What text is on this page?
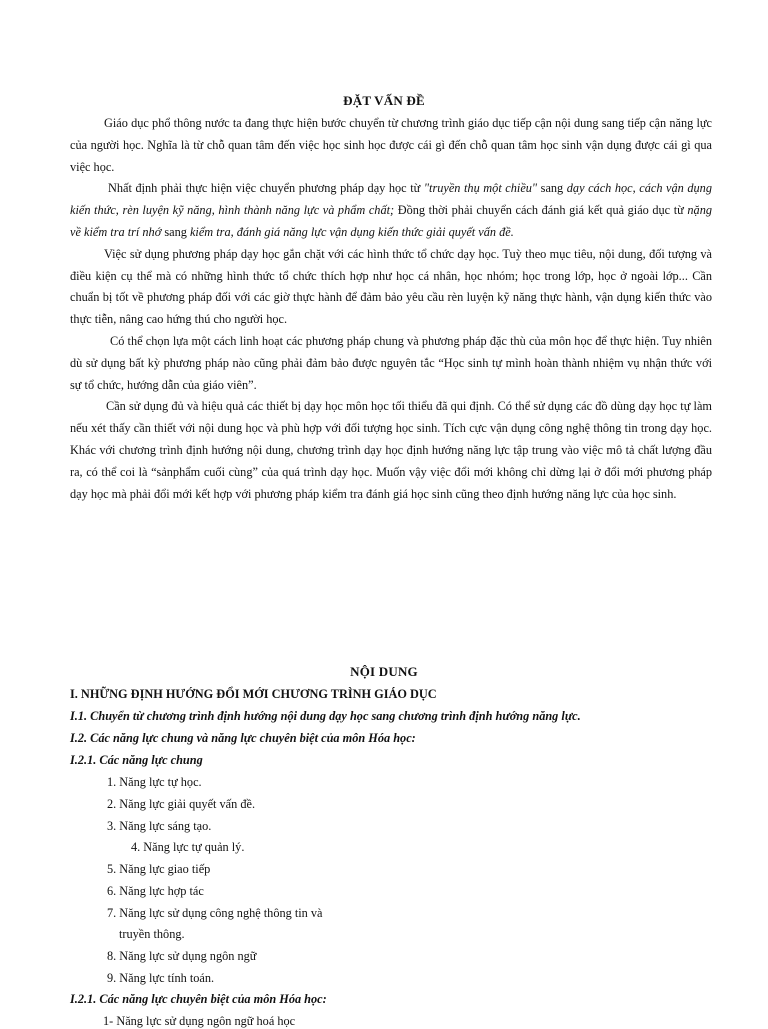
ĐẶT VẤN ĐỀ

Giáo dục phổ thông nước ta đang thực hiện bước chuyển từ chương trình giáo dục tiếp cận nội dung sang tiếp cận năng lực của người học. Nghĩa là từ chỗ quan tâm đến việc học sinh học được cái gì đến chỗ quan tâm học sinh vận dụng được cái gì qua việc học.

Nhất định phải thực hiện việc chuyển phương pháp dạy học từ "truyền thụ một chiều" sang dạy cách học, cách vận dụng kiến thức, rèn luyện kỹ năng, hình thành năng lực và phẩm chất; Đồng thời phải chuyển cách đánh giá kết quả giáo dục từ nặng về kiểm tra trí nhớ sang kiểm tra, đánh giá năng lực vận dụng kiến thức giải quyết vấn đề.

Việc sử dụng phương pháp dạy học gắn chặt với các hình thức tổ chức dạy học. Tuỳ theo mục tiêu, nội dung, đối tượng và điều kiện cụ thể mà có những hình thức tổ chức thích hợp như học cá nhân, học nhóm; học trong lớp, học ở ngoài lớp... Cần chuẩn bị tốt về phương pháp đối với các giờ thực hành để đảm bảo yêu cầu rèn luyện kỹ năng thực hành, vận dụng kiến thức vào thực tiễn, nâng cao hứng thú cho người học.

Có thể chọn lựa một cách linh hoạt các phương pháp chung và phương pháp đặc thù của môn học để thực hiện. Tuy nhiên dù sử dụng bất kỳ phương pháp nào cũng phải đảm bảo được nguyên tắc “Học sinh tự mình hoàn thành nhiệm vụ nhận thức với sự tổ chức, hướng dẫn của giáo viên”.

Cần sử dụng đủ và hiệu quả các thiết bị dạy học môn học tối thiểu đã qui định. Có thể sử dụng các đồ dùng dạy học tự làm nếu xét thấy cần thiết với nội dung học và phù hợp với đối tượng học sinh. Tích cực vận dụng công nghệ thông tin trong dạy học. Khác với chương trình định hướng nội dung, chương trình dạy học định hướng năng lực tập trung vào việc mô tả chất lượng đầu ra, có thể coi là “sảnphẩm cuối cùng” của quá trình dạy học. Muốn vậy việc đổi mới không chỉ dừng lại ở đổi mới phương pháp dạy học mà phải đổi mới kết hợp với phương pháp kiểm tra đánh giá học sinh cũng theo định hướng năng lực của học sinh.

NỘI DUNG
I. NHỮNG ĐỊNH HƯỚNG ĐỔI MỚI CHƯƠNG TRÌNH GIÁO DỤC
I.1. Chuyển từ chương trình định hướng nội dung dạy học sang chương trình định hướng năng lực.
I.2. Các năng lực chung và năng lực chuyên biệt của môn Hóa học:
I.2.1. Các năng lực chung
1. Năng lực tự học.
2. Năng lực giải quyết vấn đề.
3. Năng lực sáng tạo.
4. Năng lực tự quản lý.
5. Năng lực giao tiếp
6. Năng lực hợp tác
7. Năng lực sử dụng công nghệ thông tin và
truyền thông.
8. Năng lực sử dụng ngôn ngữ
9. Năng lực tính toán.
I.2.1. Các năng lực chuyên biệt của môn Hóa học:
1- Năng lực sử dụng ngôn ngữ hoá học
